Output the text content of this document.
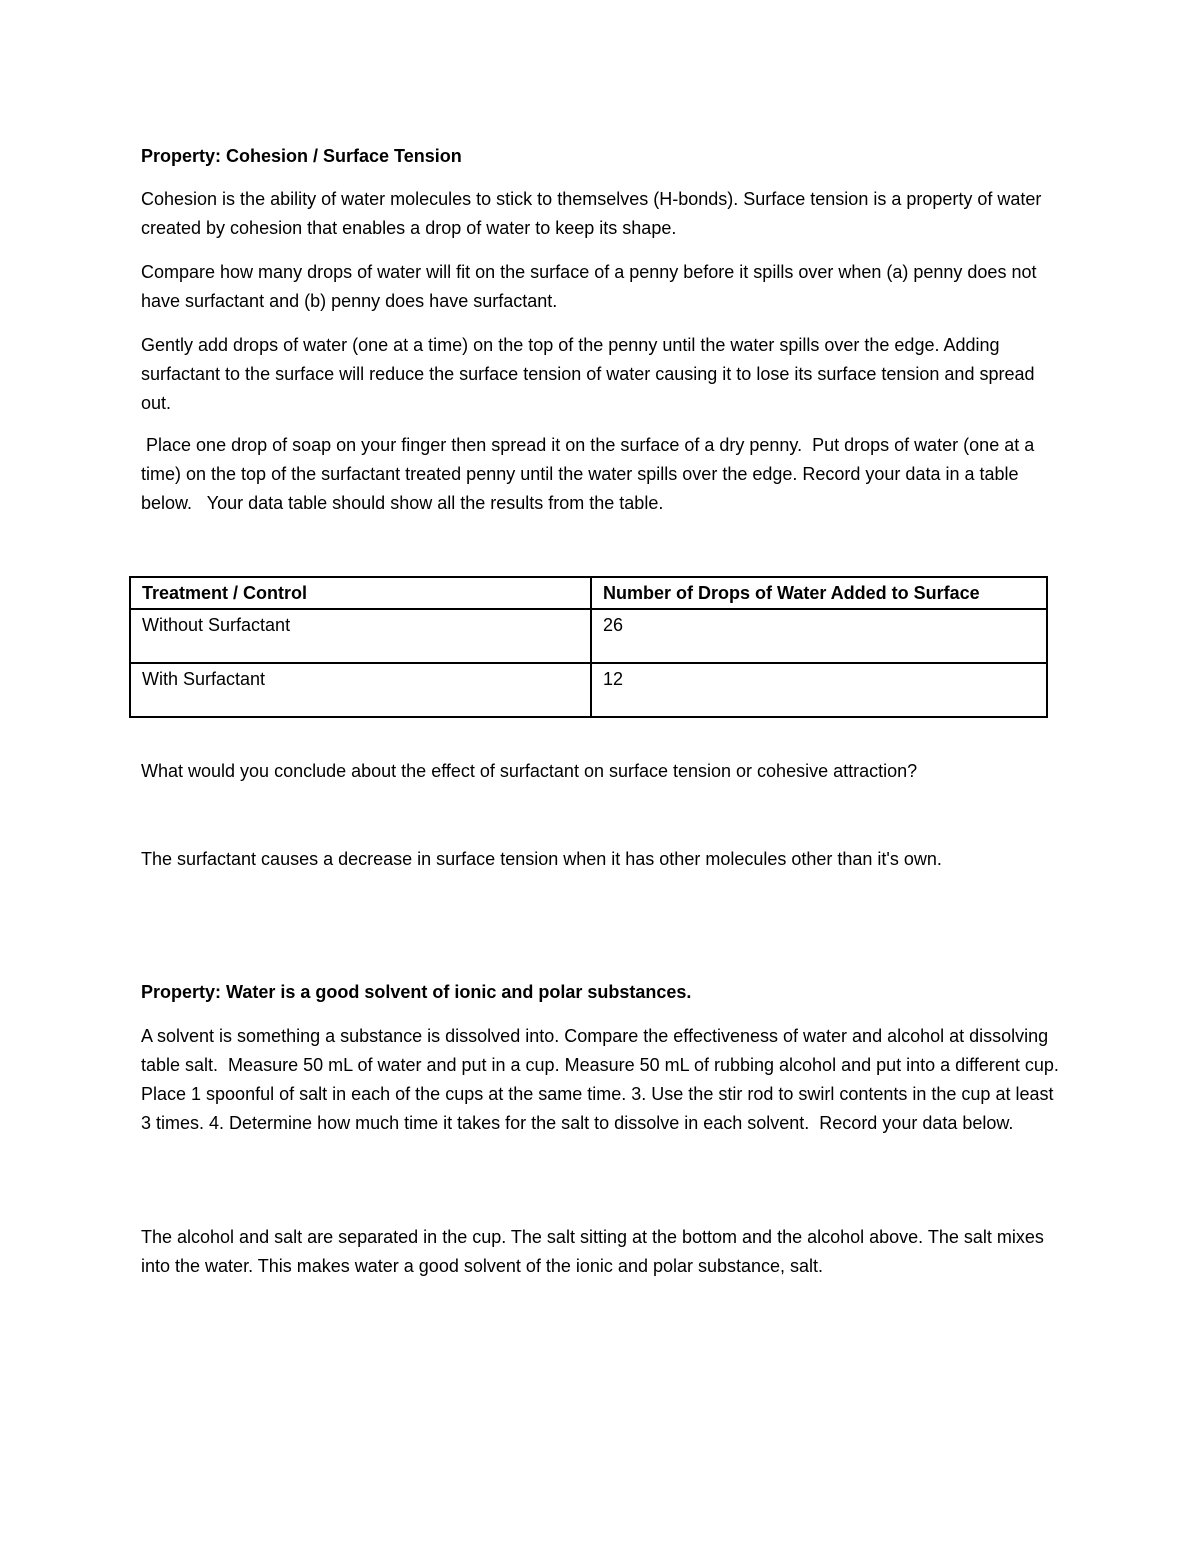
Property: Cohesion / Surface Tension

Cohesion is the ability of water molecules to stick to themselves (H-bonds). Surface tension is a property of water created by cohesion that enables a drop of water to keep its shape.

Compare how many drops of water will fit on the surface of a penny before it spills over when (a) penny does not have surfactant and (b) penny does have surfactant.

Gently add drops of water (one at a time) on the top of the penny until the water spills over the edge. Adding surfactant to the surface will reduce the surface tension of water causing it to lose its surface tension and spread out.

Place one drop of soap on your finger then spread it on the surface of a dry penny.  Put drops of water (one at a time) on the top of the surfactant treated penny until the water spills over the edge. Record your data in a table below.   Your data table should show all the results from the table.

Treatment / Control	Number of Drops of Water Added to Surface
Without Surfactant	26
With Surfactant	12

What would you conclude about the effect of surfactant on surface tension or cohesive attraction?

The surfactant causes a decrease in surface tension when it has other molecules other than it's own.

Property: Water is a good solvent of ionic and polar substances.

A solvent is something a substance is dissolved into. Compare the effectiveness of water and alcohol at dissolving table salt.  Measure 50 mL of water and put in a cup. Measure 50 mL of rubbing alcohol and put into a different cup.  Place 1 spoonful of salt in each of the cups at the same time. 3. Use the stir rod to swirl contents in the cup at least 3 times. 4. Determine how much time it takes for the salt to dissolve in each solvent.  Record your data below.

The alcohol and salt are separated in the cup. The salt sitting at the bottom and the alcohol above. The salt mixes into the water. This makes water a good solvent of the ionic and polar substance, salt.
